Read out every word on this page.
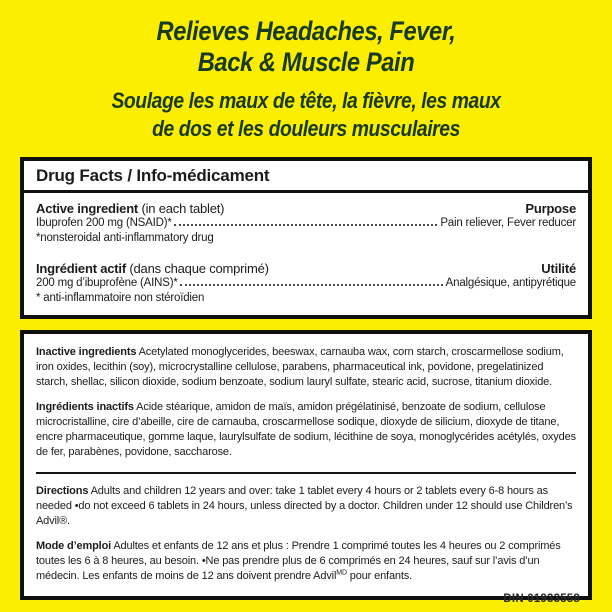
Relieves Headaches, Fever,
Back & Muscle Pain
Soulage les maux de tête, la fièvre, les maux
de dos et les douleurs musculaires
Drug Facts / Info-médicament
Active ingredient (in each tablet)	Purpose
Ibuprofen 200 mg (NSAID)*	Pain reliever, Fever reducer
*nonsteroidal anti-inflammatory drug
Ingrédient actif (dans chaque comprimé)	Utilité
200 mg d’ibuprofène (AINS)*	Analgésique, antipyrétique
* anti-inflammatoire non stéroïdien

Inactive ingredients Acetylated monoglycerides, beeswax, carnauba wax, corn starch, croscarmellose sodium, iron oxides, lecithin (soy), microcrystalline cellulose, parabens, pharmaceutical ink, povidone, pregelatinized starch, shellac, silicon dioxide, sodium benzoate, sodium lauryl sulfate, stearic acid, sucrose, titanium dioxide.

Ingrédients inactifs Acide stéarique, amidon de maïs, amidon prégélatinisé, benzoate de sodium, cellulose microcristalline, cire d’abeille, cire de carnauba, croscarmellose sodique, dioxyde de silicium, dioxyde de titane, encre pharmaceutique, gomme laque, laurylsulfate de sodium, lécithine de soya, monoglycérides acétylés, oxydes de fer, parabènes, povidone, saccharose.

Directions Adults and children 12 years and over: take 1 tablet every 4 hours or 2 tablets every 6-8 hours as needed •do not exceed 6 tablets in 24 hours, unless directed by a doctor. Children under 12 should use Children’s Advil®.

Mode d’emploi Adultes et enfants de 12 ans et plus : Prendre 1 comprimé toutes les 4 heures ou 2 comprimés toutes les 6 à 8 heures, au besoin. •Ne pas prendre plus de 6 comprimés en 24 heures, sauf sur l’avis d’un médecin. Les enfants de moins de 12 ans doivent prendre Advil$^{MD}$ pour enfants.

DIN 01933558
